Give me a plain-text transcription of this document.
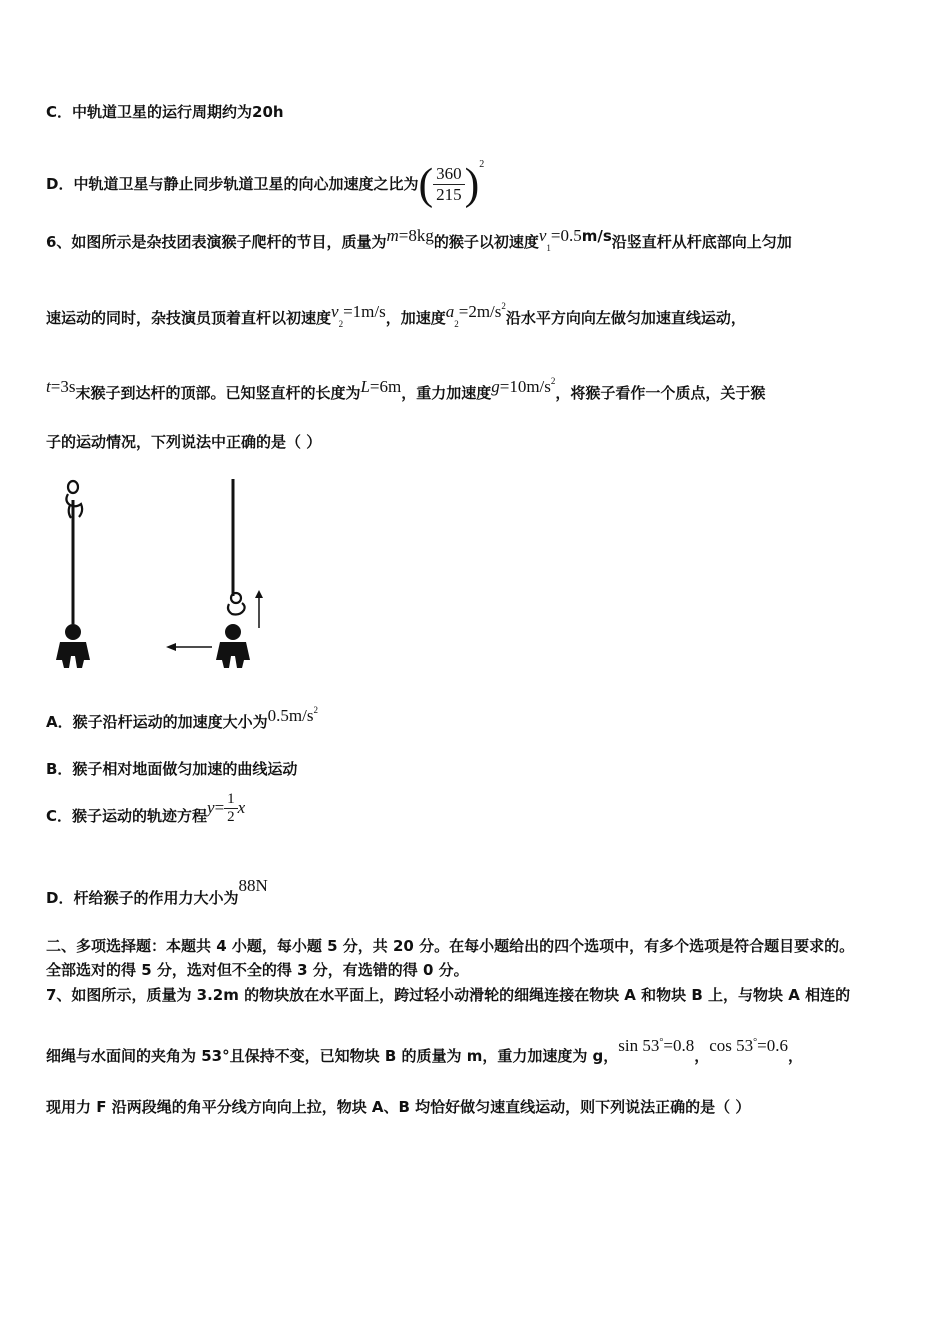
C．中轨道卫星的运行周期约为20h
D．中轨道卫星与静止同步轨道卫星的向心加速度之比为( $\frac{360}{215} )^2$
6、如图所示是杂技团表演猴子爬杆的节目，质量为m=8kg的猴子以初速度$v_1=0.5m/s$沿竖直杆从杆底部向上匀加
速运动的同时，杂技演员顶着直杆以初速度$v_2=1m/s$，加速度$a_2=2m/s^2$沿水平方向向左做匀加速直线运动，
t=3s末猴子到达杆的顶部。已知竖直杆的长度为L=6m，重力加速度$g=10m/s^2$，将猴子看作一个质点，关于猴
子的运动情况，下列说法中正确的是（ ）
A．猴子沿杆运动的加速度大小为$0.5m/s^2$
B．猴子相对地面做匀加速的曲线运动
C．猴子运动的轨迹方程$y= \frac{1}{2}$ x
D．杆给猴子的作用力大小为88N
二、多项选择题：本题共 4 小题，每小题 5 分，共 20 分。在每小题给出的四个选项中，有多个选项是符合题目要求的。
全部选对的得 5 分，选对但不全的得 3 分，有选错的得 0 分。
7、如图所示，质量为 3.2m 的物块放在水平面上，跨过轻小动滑轮的细绳连接在物块 A 和物块 B 上，与物块 A 相连的
细绳与水面间的夹角为 53°且保持不变，已知物块 B 的质量为 m，重力加速度为 g，sin 53°=0.8，cos 53°=0.6，
现用力 F 沿两段绳的角平分线方向向上拉，物块 A、B 均恰好做匀速直线运动，则下列说法正确的是（ ）
